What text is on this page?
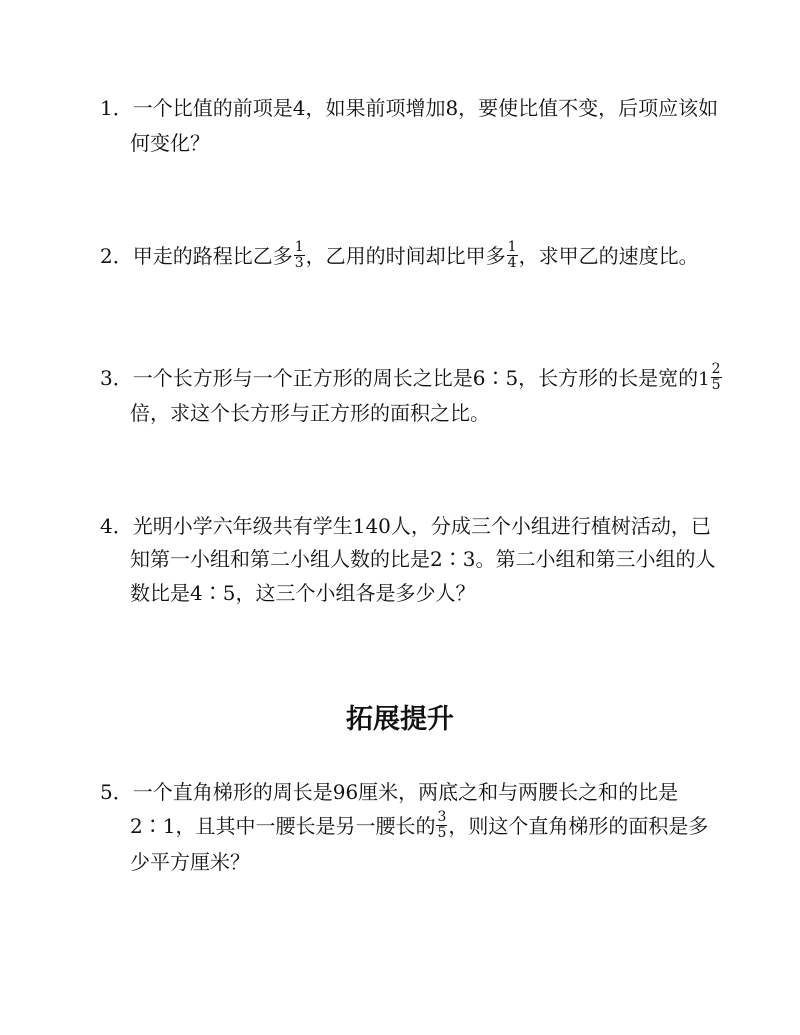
1．一个比值的前项是4，如果前项增加8，要使比值不变，后项应该如
何变化？
2．甲走的路程比乙多 $\frac{1}{3}$ ，乙用的时间却比甲多 $\frac{1}{4}$ ，求甲乙的速度比。
3．一个长方形与一个正方形的周长之比是6∶5，长方形的长是宽的$1 \frac{2}{5}$
倍，求这个长方形与正方形的面积之比。
4．光明小学六年级共有学生140人，分成三个小组进行植树活动，已
知第一小组和第二小组人数的比是2∶3。第二小组和第三小组的人
数比是4∶5，这三个小组各是多少人？
拓展提升
5．一个直角梯形的周长是96厘米，两底之和与两腰长之和的比是
2∶1，且其中一腰长是另一腰长的 $\frac{3}{5}$ ，则这个直角梯形的面积是多
少平方厘米？
